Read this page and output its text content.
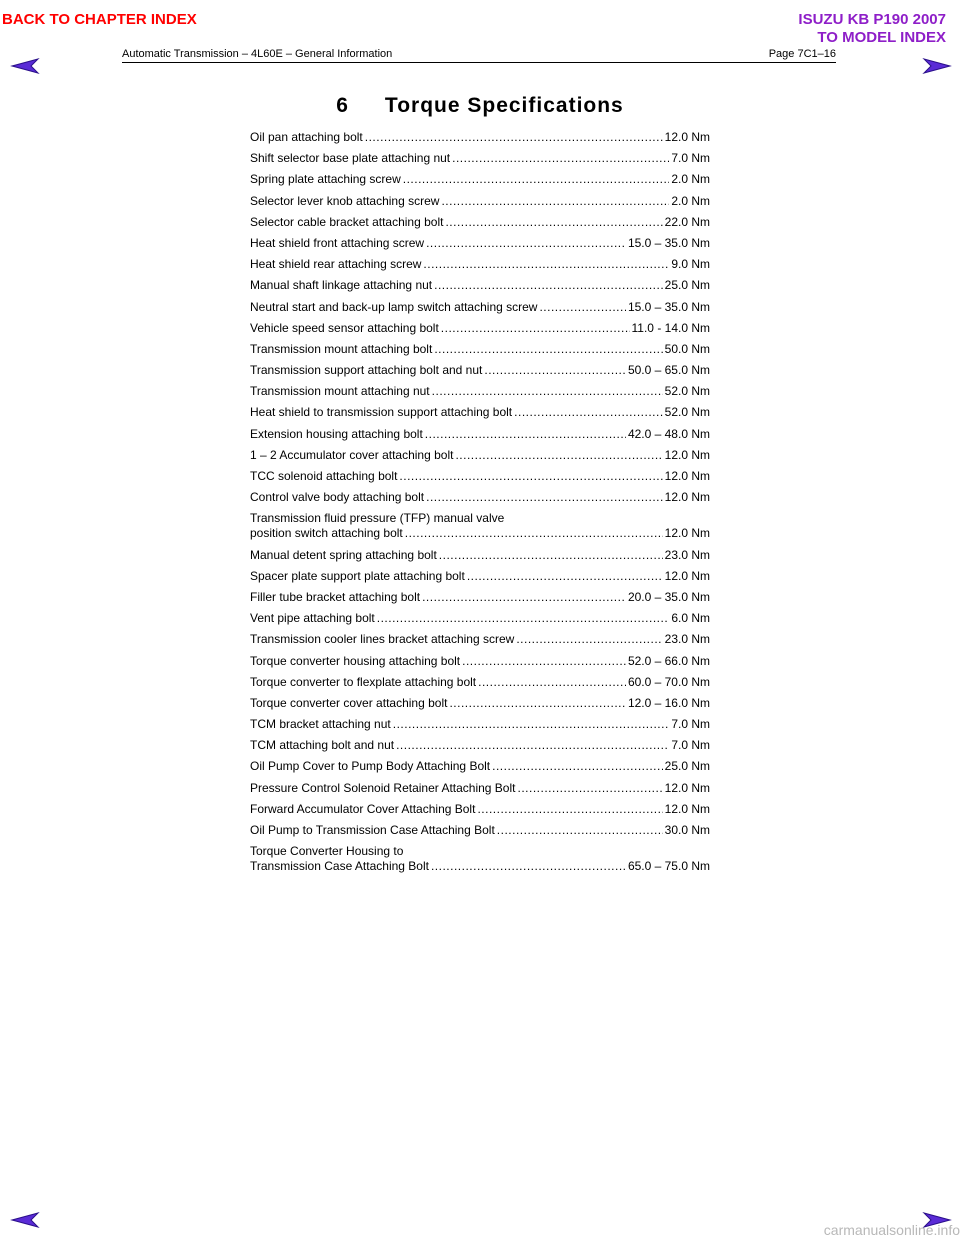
BACK TO CHAPTER INDEX	ISUZU KB P190 2007
TO MODEL INDEX
Automatic Transmission – 4L60E – General Information	Page 7C1–16
6 Torque Specifications
Oil pan attaching bolt .....	12.0 Nm
Shift selector base plate attaching nut .....	7.0 Nm
Spring plate attaching screw .....	2.0 Nm
Selector lever knob attaching screw .....	2.0 Nm
Selector cable bracket attaching bolt .....	22.0 Nm
Heat shield front attaching screw .....	15.0 – 35.0 Nm
Heat shield rear attaching screw .....	9.0 Nm
Manual shaft linkage attaching nut .....	25.0 Nm
Neutral start and back-up lamp switch attaching screw .....	15.0 – 35.0 Nm
Vehicle speed sensor attaching bolt .....	11.0 - 14.0 Nm
Transmission mount attaching bolt .....	50.0 Nm
Transmission support attaching bolt and nut .....	50.0 – 65.0 Nm
Transmission mount attaching nut .....	52.0 Nm
Heat shield to transmission support attaching bolt .....	52.0 Nm
Extension housing attaching bolt .....	42.0 – 48.0 Nm
1 – 2 Accumulator cover attaching bolt .....	12.0 Nm
TCC solenoid attaching bolt .....	12.0 Nm
Control valve body attaching bolt .....	12.0 Nm
Transmission fluid pressure (TFP) manual valve
position switch attaching bolt .....	12.0 Nm
Manual detent spring attaching bolt .....	23.0 Nm
Spacer plate support plate attaching bolt .....	12.0 Nm
Filler tube bracket attaching bolt .....	20.0 – 35.0 Nm
Vent pipe attaching bolt .....	6.0 Nm
Transmission cooler lines bracket attaching screw .....	23.0 Nm
Torque converter housing attaching bolt .....	52.0 – 66.0 Nm
Torque converter to flexplate attaching bolt .....	60.0 – 70.0 Nm
Torque converter cover attaching bolt .....	12.0 – 16.0 Nm
TCM bracket attaching nut .....	7.0 Nm
TCM attaching bolt and nut .....	7.0 Nm
Oil Pump Cover to Pump Body Attaching Bolt .....	25.0 Nm
Pressure Control Solenoid Retainer Attaching Bolt .....	12.0 Nm
Forward Accumulator Cover Attaching Bolt .....	12.0 Nm
Oil Pump to Transmission Case Attaching Bolt .....	30.0 Nm
Torque Converter Housing to
Transmission Case Attaching Bolt .....	65.0 – 75.0 Nm
carmanualsonline.info
